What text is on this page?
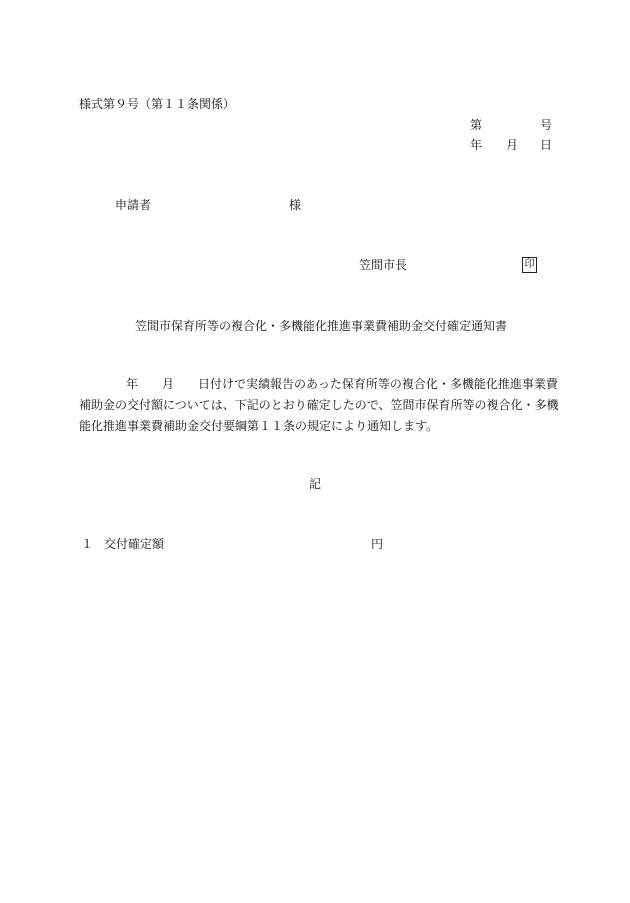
様式第９号（第１１条関係）
第	号
年 月 日
申請者	様
笠間市長	印
笠間市保育所等の複合化・多機能化推進事業費補助金交付確定通知書
年 月 日付けで実績報告のあった保育所等の複合化・多機能化推進事業費
補助金の交付額については、下記のとおり確定したので、笠間市保育所等の複合化・多機
能化推進事業費補助金交付要綱第１１条の規定により通知します。
記
１ 交付確定額	円
